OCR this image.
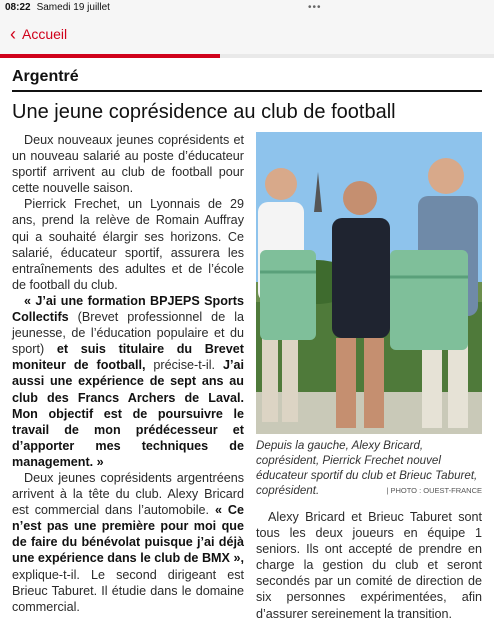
08:22 Samedi 19 juillet	•••
‹ Accueil
Argentré
Une jeune coprésidence au club de football

Deux nouveaux jeunes coprésidents et un nouveau salarié au poste d’éducateur sportif arrivent au club de football pour cette nouvelle saison.

Pierrick Frechet, un Lyonnais de 29 ans, prend la relève de Romain Auffray qui a souhaité élargir ses horizons. Ce salarié, éducateur sportif, assurera les entraînements des adultes et de l’école de football du club.

« J’ai une formation BPJEPS Sports Collectifs (Brevet professionnel de la jeunesse, de l’éducation populaire et du sport) et suis titulaire du Brevet moniteur de football, précise-t-il. J’ai aussi une expérience de sept ans au club des Francs Archers de Laval. Mon objectif est de poursuivre le travail de mon prédécesseur et d’apporter mes techniques de management. »

Deux jeunes coprésidents argentréens arrivent à la tête du club. Alexy Bricard est commercial dans l’automobile. « Ce n’est pas une première pour moi que de faire du bénévolat puisque j’ai déjà une expérience dans le club de BMX », explique-t-il. Le second dirigeant est Brieuc Taburet. Il étudie dans le domaine commercial.

Depuis la gauche, Alexy Bricard, coprésident, Pierrick Frechet nouvel éducateur sportif du club et Brieuc Taburet, coprésident.	| PHOTO : OUEST-FRANCE

Alexy Bricard et Brieuc Taburet sont tous les deux joueurs en équipe 1 seniors. Ils ont accepté de prendre en charge la gestion du club et seront secondés par un comité de direction de six personnes expérimentées, afin d’assurer sereinement la transition.
